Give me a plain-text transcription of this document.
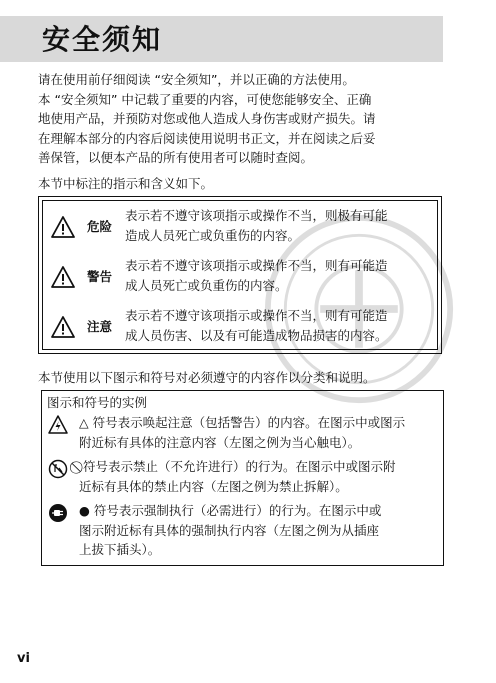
安全须知
请在使用前仔细阅读 “安全须知”，并以正确的方法使用。
本 “安全须知” 中记载了重要的内容，可使您能够安全、正确
地使用产品，并预防对您或他人造成人身伤害或财产损失。请
在理解本部分的内容后阅读使用说明书正文，并在阅读之后妥
善保管，以便本产品的所有使用者可以随时查阅。
本节中标注的指示和含义如下。
危险
表示若不遵守该项指示或操作不当，则极有可能
造成人员死亡或负重伤的内容。
警告
表示若不遵守该项指示或操作不当，则有可能造
成人员死亡或负重伤的内容。
注意
表示若不遵守该项指示或操作不当，则有可能造
成人员伤害、以及有可能造成物品损害的内容。
本节使用以下图示和符号对必须遵守的内容作以分类和说明。
图示和符号的实例
△ 符号表示唤起注意（包括警告）的内容。在图示中或图示
附近标有具体的注意内容（左图之例为当心触电）。
⃠ 符号表示禁止（不允许进行）的行为。在图示中或图示附
近标有具体的禁止内容（左图之例为禁止拆解）。
● 符号表示强制执行（必需进行）的行为。在图示中或
图示附近标有具体的强制执行内容（左图之例为从插座
上拔下插头）。
vi
